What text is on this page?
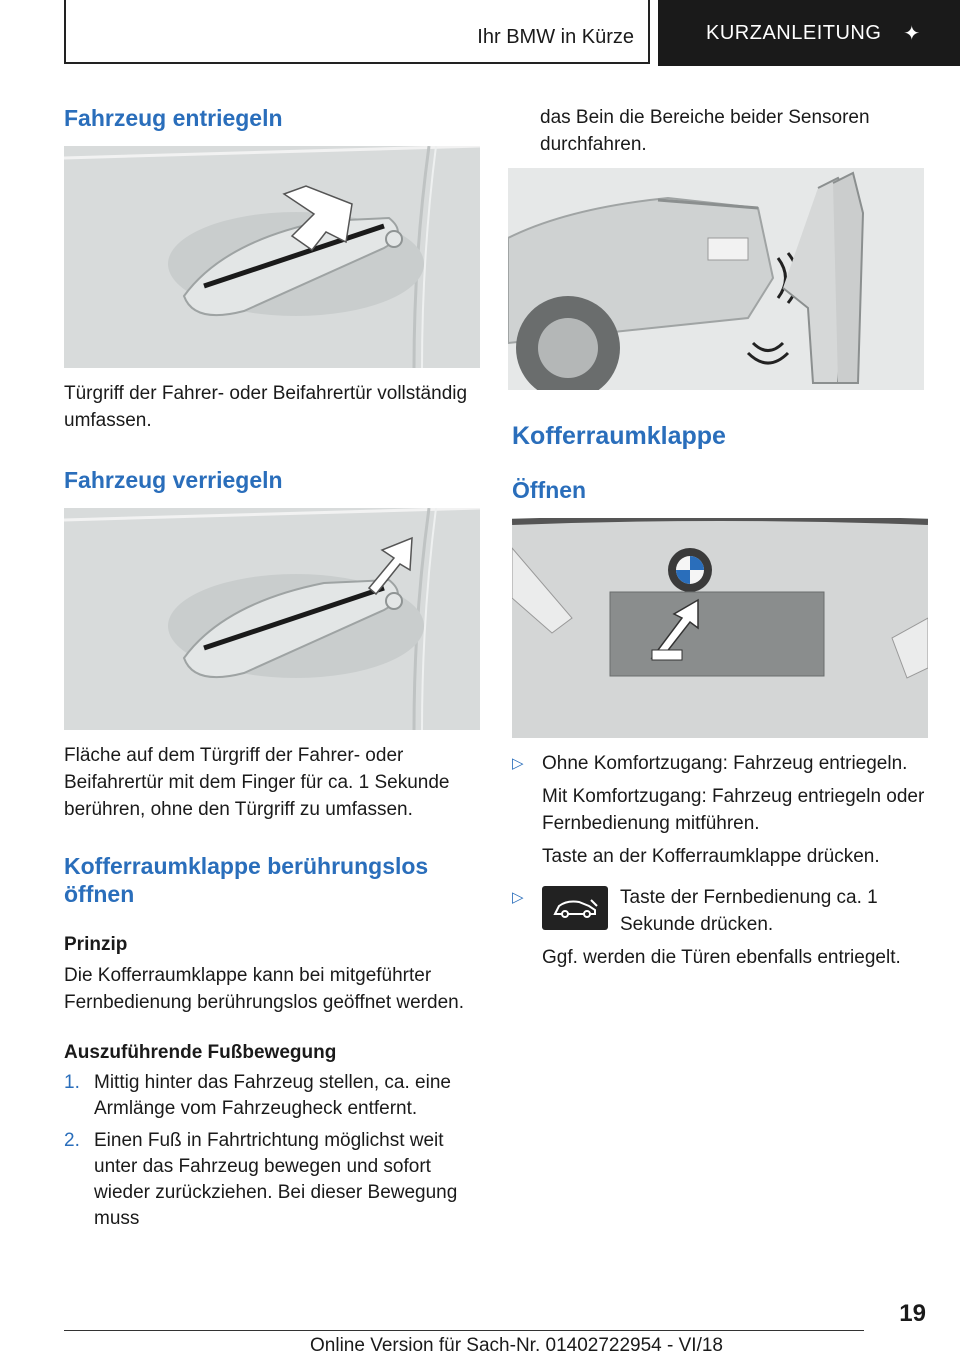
Ihr BMW in Kürze	KURZANLEITUNG ✦
Fahrzeug entriegeln

Türgriff der Fahrer- oder Beifahrertür vollständig umfassen.

Fahrzeug verriegeln

Fläche auf dem Türgriff der Fahrer- oder Beifahrertür mit dem Finger für ca. 1 Sekunde berühren, ohne den Türgriff zu umfassen.

Kofferraumklappe berührungslos öffnen
Prinzip

Die Kofferraumklappe kann bei mitgeführter Fernbedienung berührungslos geöffnet werden.

Auszuführende Fußbewegung
1. Mittig hinter das Fahrzeug stellen, ca. eine Armlänge vom Fahrzeugheck entfernt.
2. Einen Fuß in Fahrtrichtung möglichst weit unter das Fahrzeug bewegen und sofort wieder zurückziehen. Bei dieser Bewegung muss

das Bein die Bereiche beider Sensoren durchfahren.

Kofferraumklappe
Öffnen
▷ Ohne Komfortzugang: Fahrzeug entriegeln.

Mit Komfortzugang: Fahrzeug entriegeln oder Fernbedienung mitführen.

Taste an der Kofferraumklappe drücken.

▷	Taste der Fernbedienung ca. 1 Sekunde drücken.

Ggf. werden die Türen ebenfalls entriegelt.

19
Online Version für Sach-Nr. 01402722954 - VI/18
